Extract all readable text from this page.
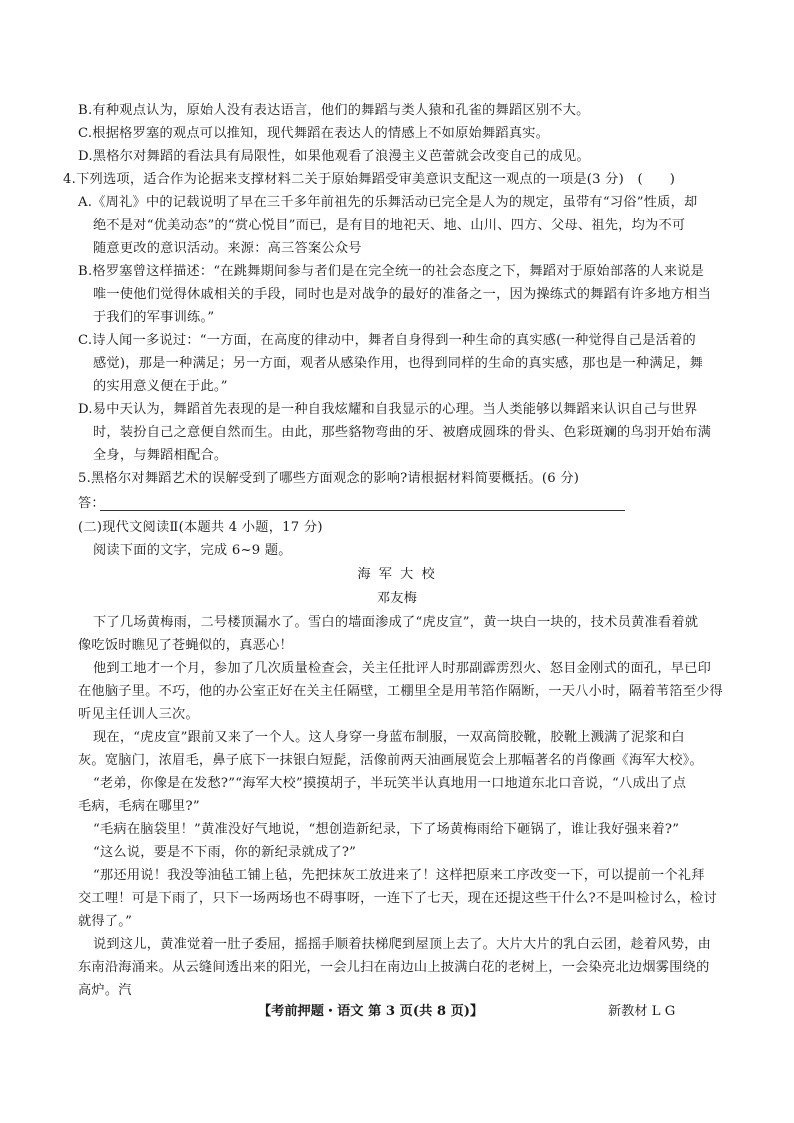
B.有种观点认为，原始人没有表达语言，他们的舞蹈与类人猿和孔雀的舞蹈区别不大。
C.根据格罗塞的观点可以推知，现代舞蹈在表达人的情感上不如原始舞蹈真实。
D.黑格尔对舞蹈的看法具有局限性，如果他观看了浪漫主义芭蕾就会改变自己的成见。
4.下列选项，适合作为论据来支撑材料二关于原始舞蹈受审美意识支配这一观点的一项是(3 分)　(　　)
A.《周礼》中的记载说明了早在三千多年前祖先的乐舞活动已完全是人为的规定，虽带有“习俗”性质，却
绝不是对“优美动态”的“赏心悦目”而已，是有目的地祀天、地、山川、四方、父母、祖先，均为不可
随意更改的意识活动。来源：高三答案公众号
B.格罗塞曾这样描述：“在跳舞期间参与者们是在完全统一的社会态度之下，舞蹈对于原始部落的人来说是
唯一使他们觉得休戚相关的手段，同时也是对战争的最好的准备之一，因为操练式的舞蹈有许多地方相当
于我们的军事训练。”
C.诗人闻一多说过：“一方面，在高度的律动中，舞者自身得到一种生命的真实感(一种觉得自己是活着的
感觉)，那是一种满足；另一方面，观者从感染作用，也得到同样的生命的真实感，那也是一种满足，舞
的实用意义便在于此。”
D.易中天认为，舞蹈首先表现的是一种自我炫耀和自我显示的心理。当人类能够以舞蹈来认识自己与世界
时，装扮自己之意便自然而生。由此，那些貉物弯曲的牙、被磨成圆珠的骨头、色彩斑斓的鸟羽开始布满
全身，与舞蹈相配合。
5.黑格尔对舞蹈艺术的误解受到了哪些方面观念的影响?请根据材料简要概括。(6 分)
答：
(二)现代文阅读Ⅱ(本题共 4 小题，17 分)
阅读下面的文字，完成 6~9 题。
海 军 大 校
邓友梅
下了几场黄梅雨，二号楼顶漏水了。雪白的墙面渗成了“虎皮宣”，黄一块白一块的，技术员黄准看着就
像吃饭时瞧见了苍蝇似的，真恶心！
他到工地才一个月，参加了几次质量检查会，关主任批评人时那副霹雳烈火、怒目金刚式的面孔，早已印
在他脑子里。不巧，他的办公室正好在关主任隔壁，工棚里全是用苇箔作隔断，一天八小时，隔着苇箔至少得
听见主任训人三次。
现在，“虎皮宣”跟前又来了一个人。这人身穿一身蓝布制服，一双高筒胶靴，胶靴上溅满了泥浆和白
灰。宽脑门，浓眉毛，鼻子底下一抹银白短髭，活像前两天油画展览会上那幅著名的肖像画《海军大校》。
“老弟，你像是在发愁?”“海军大校”摸摸胡子，半玩笑半认真地用一口地道东北口音说，“八成出了点
毛病，毛病在哪里?”
“毛病在脑袋里！”黄准没好气地说，“想创造新纪录，下了场黄梅雨给下砸锅了，谁让我好强来着?”
“这么说，要是不下雨，你的新纪录就成了?”
“那还用说！我没等油毡工铺上毡，先把抹灰工放进来了！这样把原来工序改变一下，可以提前一个礼拜
交工哩！可是下雨了，只下一场两场也不碍事呀，一连下了七天，现在还提这些干什么?不是叫检讨么，检讨
就得了。”
说到这儿，黄准觉着一肚子委屈，摇摇手顺着扶梯爬到屋顶上去了。大片大片的乳白云团，趁着风势，由
东南沿海涌来。从云缝间透出来的阳光，一会儿扫在南边山上披满白花的老树上，一会染亮北边烟雾围绕的
高炉。汽
【考前押题・语文 第 3 页(共 8 页)】	新教材 L G
